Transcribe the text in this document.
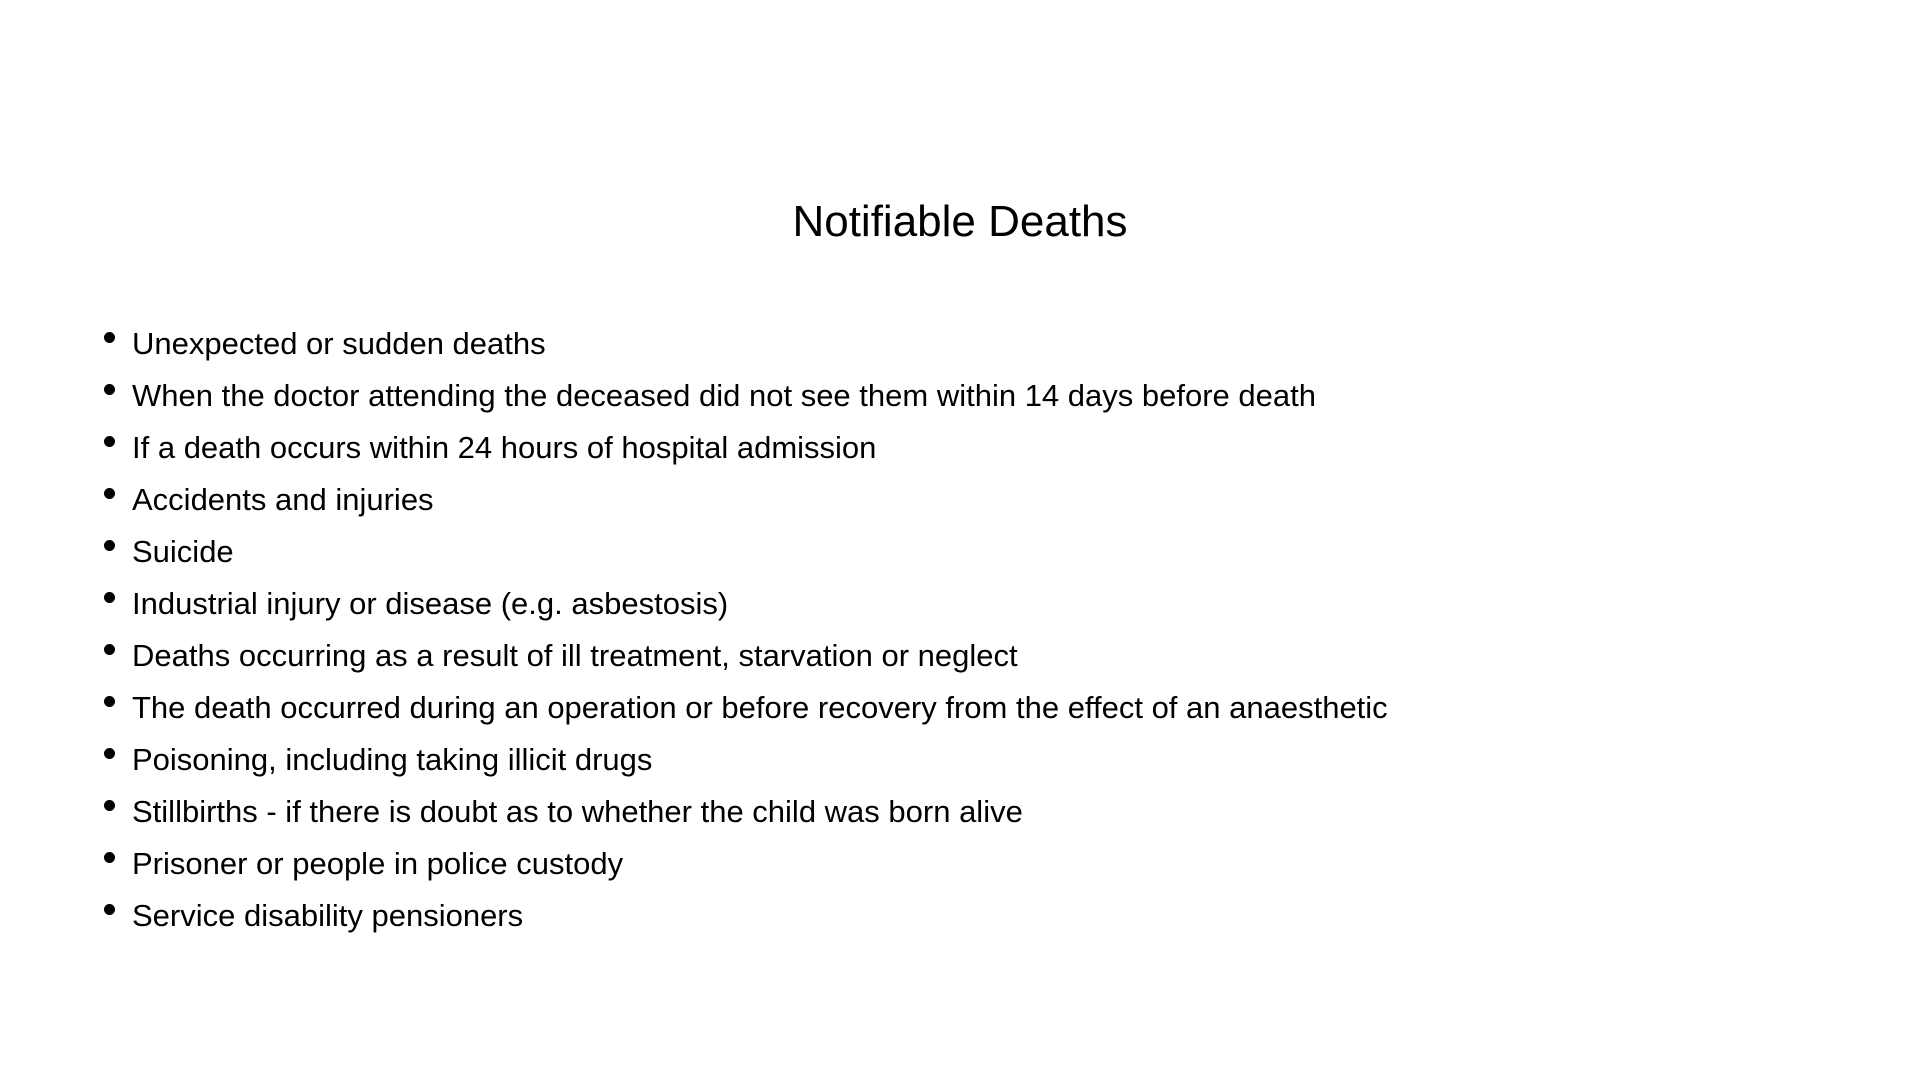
Notifiable Deaths
Unexpected or sudden deaths
When the doctor attending the deceased did not see them within 14 days before death
If a death occurs within 24 hours of hospital admission
Accidents and injuries
Suicide
Industrial injury or disease (e.g. asbestosis)
Deaths occurring as a result of ill treatment, starvation or neglect
The death occurred during an operation or before recovery from the effect of an anaesthetic
Poisoning, including taking illicit drugs
Stillbirths - if there is doubt as to whether the child was born alive
Prisoner or people in police custody
Service disability pensioners
